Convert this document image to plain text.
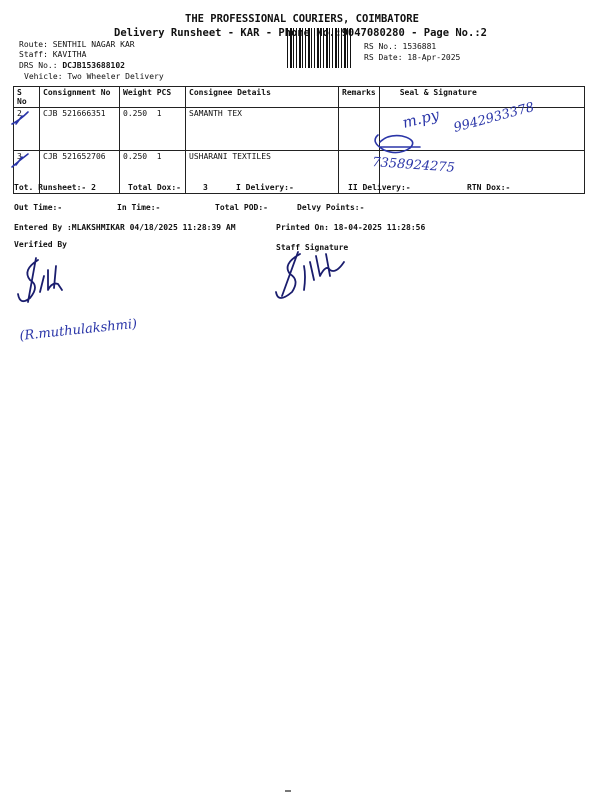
THE PROFESSIONAL COURIERS, COIMBATORE
Delivery Runsheet - KAR - Phone No.:9047080280 - Page No.:2
Route: SENTHIL NAGAR KAR
Staff: KAVITHA
DRS No.: DCJB153688102
Vehicle: Two Wheeler Delivery
RS No.: 1536881
RS Date: 18-Apr-2025
S No	Consignment No	Weight PCS	Consignee Details	Remarks	Seal & Signature
2	CJB 521666351	0.250 1	SAMANTH TEX		
3	CJB 521652706	0.250 1	USHARANI TEXTILES		
m.py 9942933378
7358924275
Tot. Runsheet:- 2	Total Dox:-	3	I Delivery:-	II Delivery:-	RTN Dox:-
Out Time:-	In Time:-	Total POD:-	Delvy Points:-
Entered By :MLAKSHMIKAR 04/18/2025 11:28:39 AM	Printed On: 18-04-2025 11:28:56
Verified By	Staff Signature
(R.muthulakshmi)
